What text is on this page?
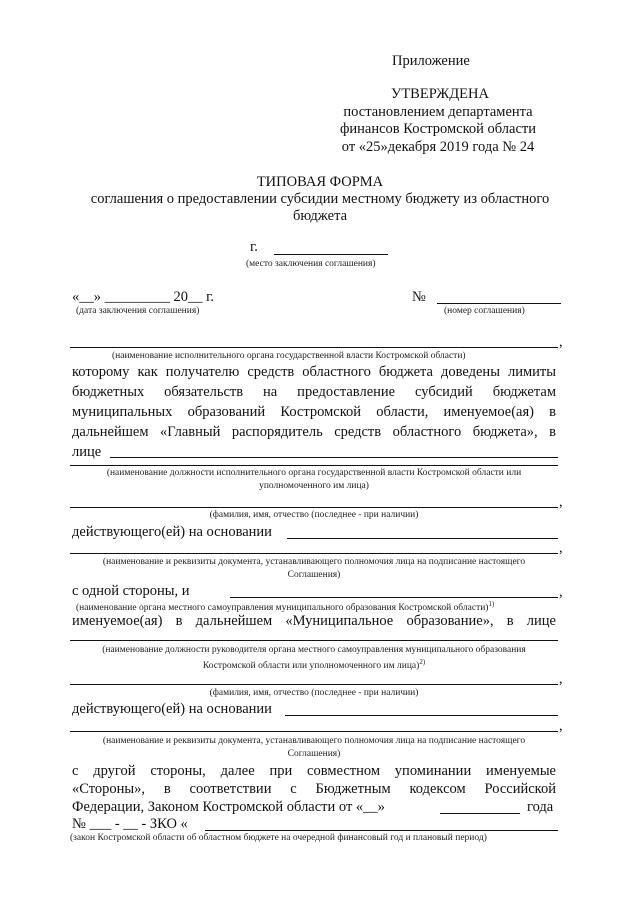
Приложение
УТВЕРЖДЕНА
постановлением департамента
финансов Костромской области
от «25»декабря 2019 года № 24
ТИПОВАЯ ФОРМА
соглашения о предоставлении субсидии местному бюджету из областного
бюджета
г.
(место заключения соглашения)
«__» _________ 20__ г.
(дата заключения соглашения)
№
(номер соглашения)
,
(наименование исполнительного органа государственной власти Костромской области)
которому как получателю средств областного бюджета доведены лимиты
бюджетных обязательств на предоставление субсидий бюджетам
муниципальных образований Костромской области, именуемое(ая) в
дальнейшем «Главный распорядитель средств областного бюджета», в
лице
(наименование должности исполнительного органа государственной власти Костромской области или
уполномоченного им лица)
,
(фамилия, имя, отчество (последнее - при наличии)
действующего(ей) на основании
,
(наименование и реквизиты документа, устанавливающего полномочия лица на подписание настоящего
Соглашения)
с одной стороны, и	,
(наименование органа местного самоуправления муниципального образования Костромской области)$^{1)}$
именуемое(ая) в дальнейшем «Муниципальное образование», в лице
(наименование должности руководителя органа местного самоуправления муниципального образования
Костромской области или уполномоченного им лица)$^{2)}$
,
(фамилия, имя, отчество (последнее - при наличии)
действующего(ей) на основании
,
(наименование и реквизиты документа, устанавливающего полномочия лица на подписание настоящего
Соглашения)
с другой стороны, далее при совместном упоминании именуемые
«Стороны», в соответствии с Бюджетным кодексом Российской
Федерации, Законом Костромской области от «__»	года
№ ___ - __ - ЗКО «
(закон Костромской области об областном бюджете на очередной финансовый год и плановый период)
